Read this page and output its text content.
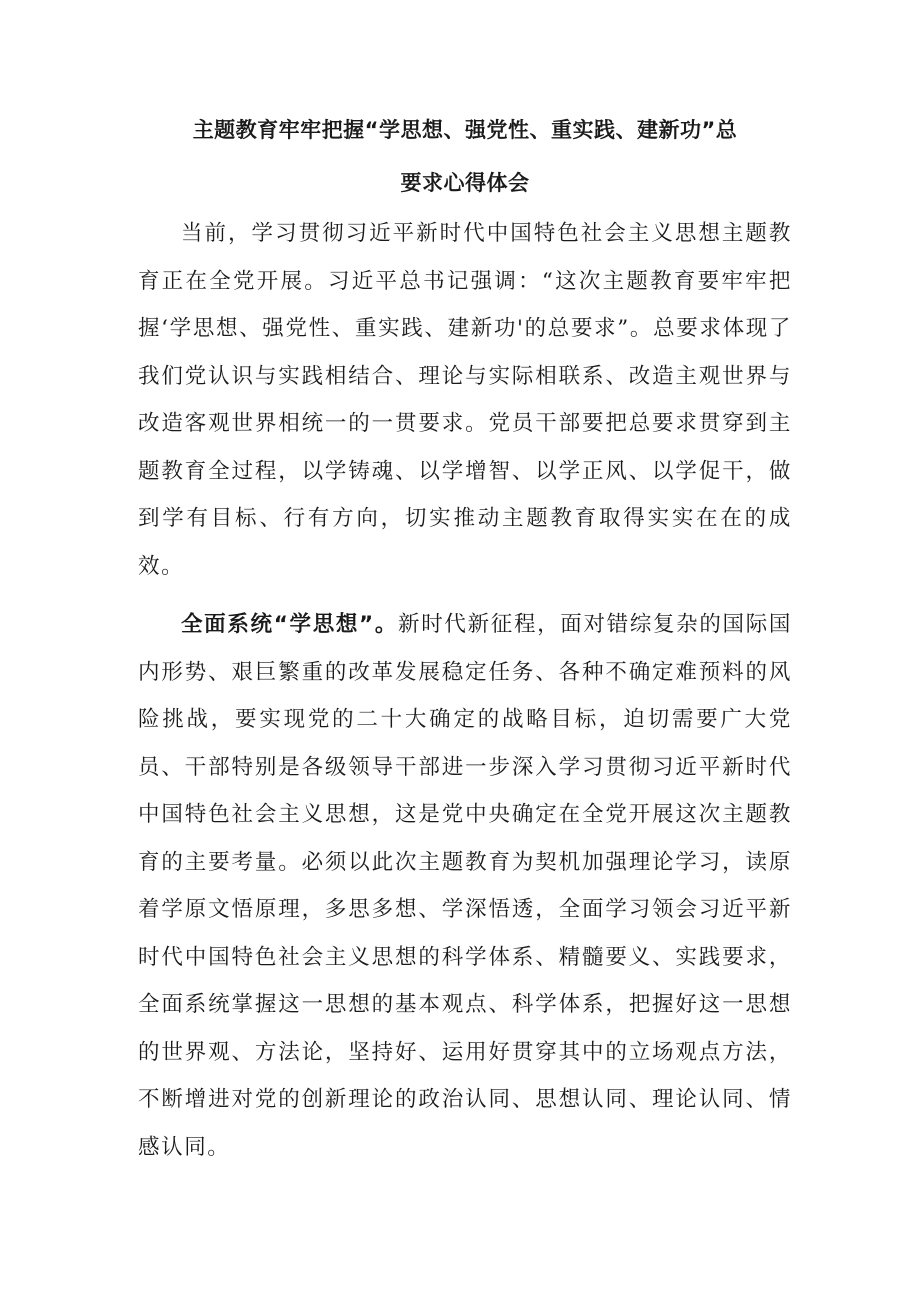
主题教育牢牢把握“学思想、强党性、重实践、建新功”总
要求心得体会

当前，学习贯彻习近平新时代中国特色社会主义思想主题教育正在全党开展。习近平总书记强调：“这次主题教育要牢牢把握‘学思想、强党性、重实践、建新功'的总要求”。总要求体现了我们党认识与实践相结合、理论与实际相联系、改造主观世界与改造客观世界相统一的一贯要求。党员干部要把总要求贯穿到主题教育全过程，以学铸魂、以学增智、以学正风、以学促干，做到学有目标、行有方向，切实推动主题教育取得实实在在的成效。

全面系统“学思想”。新时代新征程，面对错综复杂的国际国内形势、艰巨繁重的改革发展稳定任务、各种不确定难预料的风险挑战，要实现党的二十大确定的战略目标，迫切需要广大党员、干部特别是各级领导干部进一步深入学习贯彻习近平新时代中国特色社会主义思想，这是党中央确定在全党开展这次主题教育的主要考量。必须以此次主题教育为契机加强理论学习，读原着学原文悟原理，多思多想、学深悟透，全面学习领会习近平新时代中国特色社会主义思想的科学体系、精髓要义、实践要求，全面系统掌握这一思想的基本观点、科学体系，把握好这一思想的世界观、方法论，坚持好、运用好贯穿其中的立场观点方法，不断增进对党的创新理论的政治认同、思想认同、理论认同、情感认同。
